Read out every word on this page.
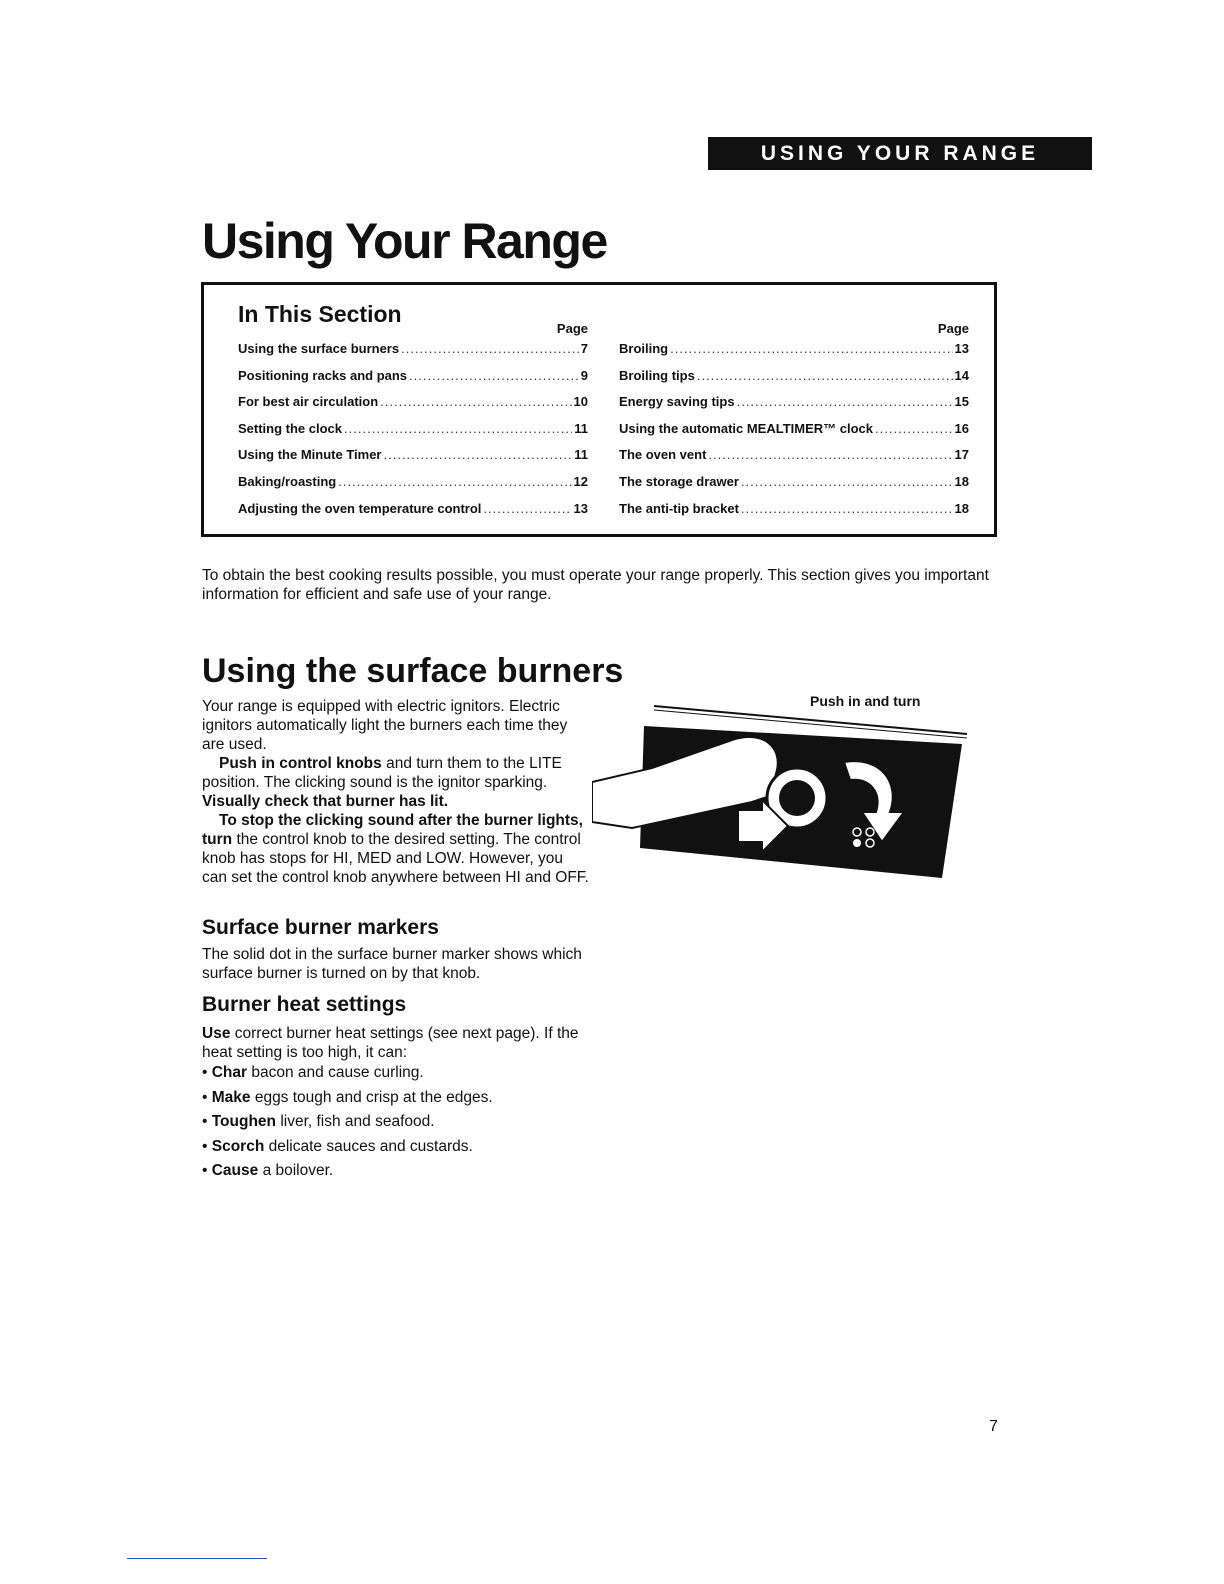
USING YOUR RANGE
Using Your Range
In This Section
Page
Using the surface burners .....	7
Positioning racks and pans .....	9
For best air circulation .....	10
Setting the clock .....	11
Using the Minute Timer .....	11
Baking/roasting .....	12
Adjusting the oven temperature control .....	13
Page
Broiling .....	13
Broiling tips .....	14
Energy saving tips .....	15
Using the automatic MEALTIMER™ clock .....	16
The oven vent .....	17
The storage drawer .....	18
The anti-tip bracket .....	18

To obtain the best cooking results possible, you must operate your range properly. This section gives you important information for efficient and safe use of your range.

Using the surface burners

Your range is equipped with electric ignitors. Electric ignitors automatically light the burners each time they are used.

Push in control knobs and turn them to the LITE position. The clicking sound is the ignitor sparking. Visually check that burner has lit.

To stop the clicking sound after the burner lights, turn the control knob to the desired setting. The control knob has stops for HI, MED and LOW. However, you can set the control knob anywhere between HI and OFF.

Push in and turn
Surface burner markers

The solid dot in the surface burner marker shows which surface burner is turned on by that knob.

Burner heat settings

Use correct burner heat settings (see next page). If the heat setting is too high, it can:

• Char bacon and cause curling.
• Make eggs tough and crisp at the edges.
• Toughen liver, fish and seafood.
• Scorch delicate sauces and custards.
• Cause a boilover.
7
